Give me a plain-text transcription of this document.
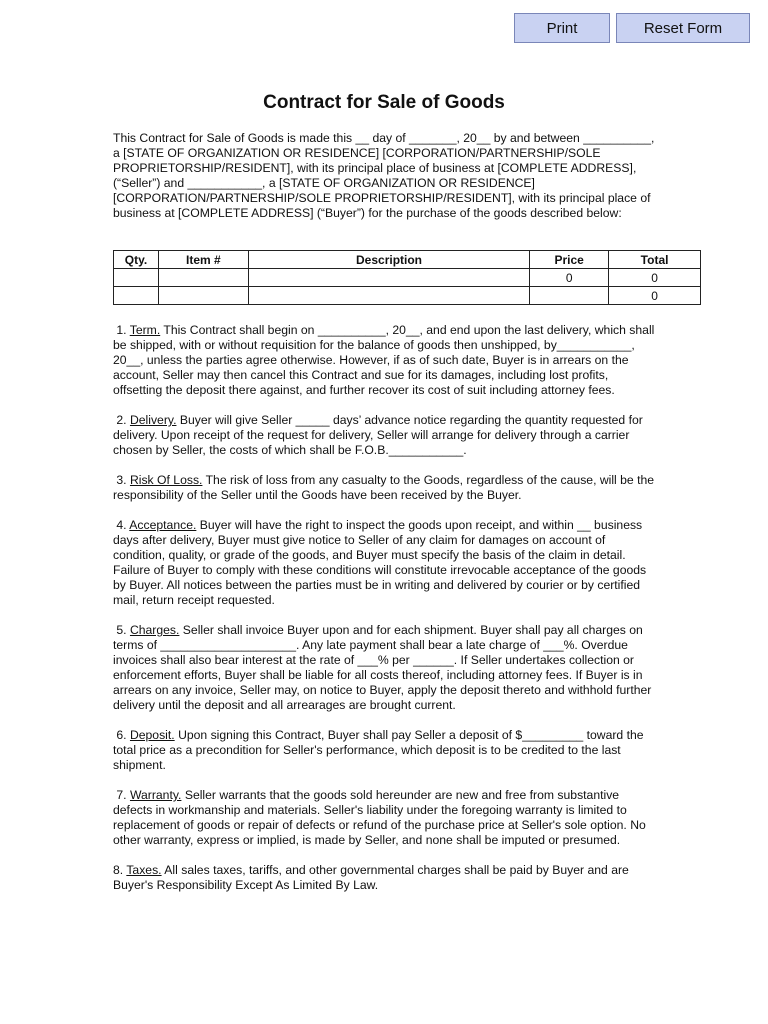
Print	Reset Form
Contract for Sale of Goods

This Contract for Sale of Goods is made this __ day of _______, 20__ by and between __________, a [STATE OF ORGANIZATION OR RESIDENCE] [CORPORATION/PARTNERSHIP/SOLE PROPRIETORSHIP/RESIDENT], with its principal place of business at [COMPLETE ADDRESS], (“Seller”) and ___________, a [STATE OF ORGANIZATION OR RESIDENCE] [CORPORATION/PARTNERSHIP/SOLE PROPRIETORSHIP/RESIDENT], with its principal place of business at [COMPLETE ADDRESS] (“Buyer”) for the purchase of the goods described below:

Qty.	Item #	Description	Price	Total
			0	0
				0

1. Term. This Contract shall begin on __________, 20__, and end upon the last delivery, which shall be shipped, with or without requisition for the balance of goods then unshipped, by___________, 20__, unless the parties agree otherwise. However, if as of such date, Buyer is in arrears on the account, Seller may then cancel this Contract and sue for its damages, including lost profits, offsetting the deposit there against, and further recover its cost of suit including attorney fees.

2. Delivery. Buyer will give Seller _____ days’ advance notice regarding the quantity requested for delivery. Upon receipt of the request for delivery, Seller will arrange for delivery through a carrier chosen by Seller, the costs of which shall be F.O.B.___________.

3. Risk Of Loss. The risk of loss from any casualty to the Goods, regardless of the cause, will be the responsibility of the Seller until the Goods have been received by the Buyer.

4. Acceptance. Buyer will have the right to inspect the goods upon receipt, and within __ business days after delivery, Buyer must give notice to Seller of any claim for damages on account of condition, quality, or grade of the goods, and Buyer must specify the basis of the claim in detail. Failure of Buyer to comply with these conditions will constitute irrevocable acceptance of the goods by Buyer. All notices between the parties must be in writing and delivered by courier or by certified mail, return receipt requested.

5. Charges. Seller shall invoice Buyer upon and for each shipment. Buyer shall pay all charges on terms of ____________________. Any late payment shall bear a late charge of ___%. Overdue invoices shall also bear interest at the rate of ___% per ______. If Seller undertakes collection or enforcement efforts, Buyer shall be liable for all costs thereof, including attorney fees. If Buyer is in arrears on any invoice, Seller may, on notice to Buyer, apply the deposit thereto and withhold further delivery until the deposit and all arrearages are brought current.

6. Deposit. Upon signing this Contract, Buyer shall pay Seller a deposit of $_________ toward the total price as a precondition for Seller's performance, which deposit is to be credited to the last shipment.

7. Warranty. Seller warrants that the goods sold hereunder are new and free from substantive defects in workmanship and materials. Seller's liability under the foregoing warranty is limited to replacement of goods or repair of defects or refund of the purchase price at Seller's sole option. No other warranty, express or implied, is made by Seller, and none shall be imputed or presumed.

8. Taxes. All sales taxes, tariffs, and other governmental charges shall be paid by Buyer and are Buyer's Responsibility Except As Limited By Law.
